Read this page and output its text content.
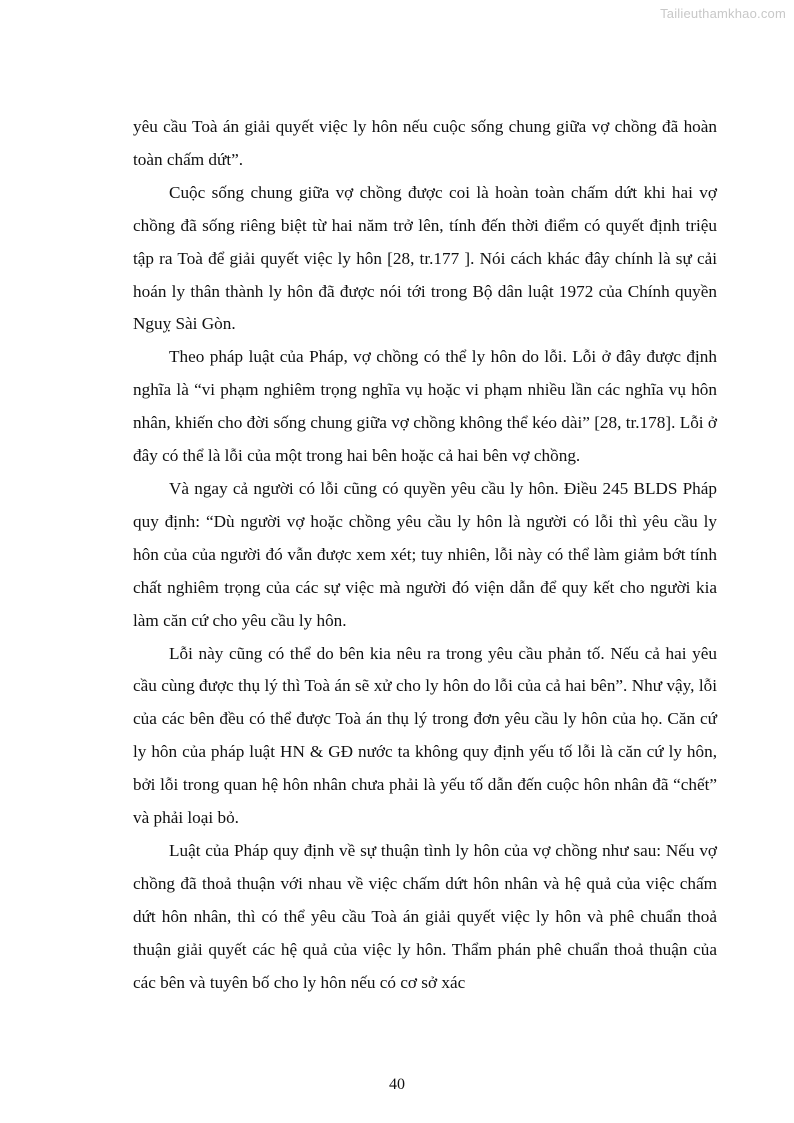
Tailieuthamkhao.com

yêu cầu Toà án giải quyết việc ly hôn nếu cuộc sống chung giữa vợ chồng đã hoàn toàn chấm dứt”.

Cuộc sống chung giữa vợ chồng được coi là hoàn toàn chấm dứt khi hai vợ chồng đã sống riêng biệt từ hai năm trở lên, tính đến thời điểm có quyết định triệu tập ra Toà để giải quyết việc ly hôn [28, tr.177 ]. Nói cách khác đây chính là sự cải hoán ly thân thành ly hôn đã được nói tới trong Bộ dân luật 1972 của Chính quyền Nguỵ Sài Gòn.

Theo pháp luật của Pháp, vợ chồng có thể ly hôn do lỗi. Lỗi ở đây được định nghĩa là “vi phạm nghiêm trọng nghĩa vụ hoặc vi phạm nhiều lần các nghĩa vụ hôn nhân, khiến cho đời sống chung giữa vợ chồng không thể kéo dài” [28, tr.178]. Lỗi ở đây có thể là lỗi của một trong hai bên hoặc cả hai bên vợ chồng.

Và ngay cả người có lỗi cũng có quyền yêu cầu ly hôn. Điều 245 BLDS Pháp quy định: “Dù người vợ hoặc chồng yêu cầu ly hôn là người có lỗi thì yêu cầu ly hôn của của người đó vẫn được xem xét; tuy nhiên, lỗi này có thể làm giảm bớt tính chất nghiêm trọng của các sự việc mà người đó viện dẫn để quy kết cho người kia làm căn cứ cho yêu cầu ly hôn.

Lỗi này cũng có thể do bên kia nêu ra trong yêu cầu phản tố. Nếu cả hai yêu cầu cùng được thụ lý thì Toà án sẽ xử cho ly hôn do lỗi của cả hai bên”. Như vậy, lỗi của các bên đều có thể được Toà án thụ lý trong đơn yêu cầu ly hôn của họ. Căn cứ ly hôn của pháp luật HN & GĐ nước ta không quy định yếu tố lỗi là căn cứ ly hôn, bởi lỗi trong quan hệ hôn nhân chưa phải là yếu tố dẫn đến cuộc hôn nhân đã “chết” và phải loại bỏ.

Luật của Pháp quy định về sự thuận tình ly hôn của vợ chồng như sau: Nếu vợ chồng đã thoả thuận với nhau về việc chấm dứt hôn nhân và hệ quả của việc chấm dứt hôn nhân, thì có thể yêu cầu Toà án giải quyết việc ly hôn và phê chuẩn thoả thuận giải quyết các hệ quả của việc ly hôn. Thẩm phán phê chuẩn thoả thuận của các bên và tuyên bố cho ly hôn nếu có cơ sở xác

40
